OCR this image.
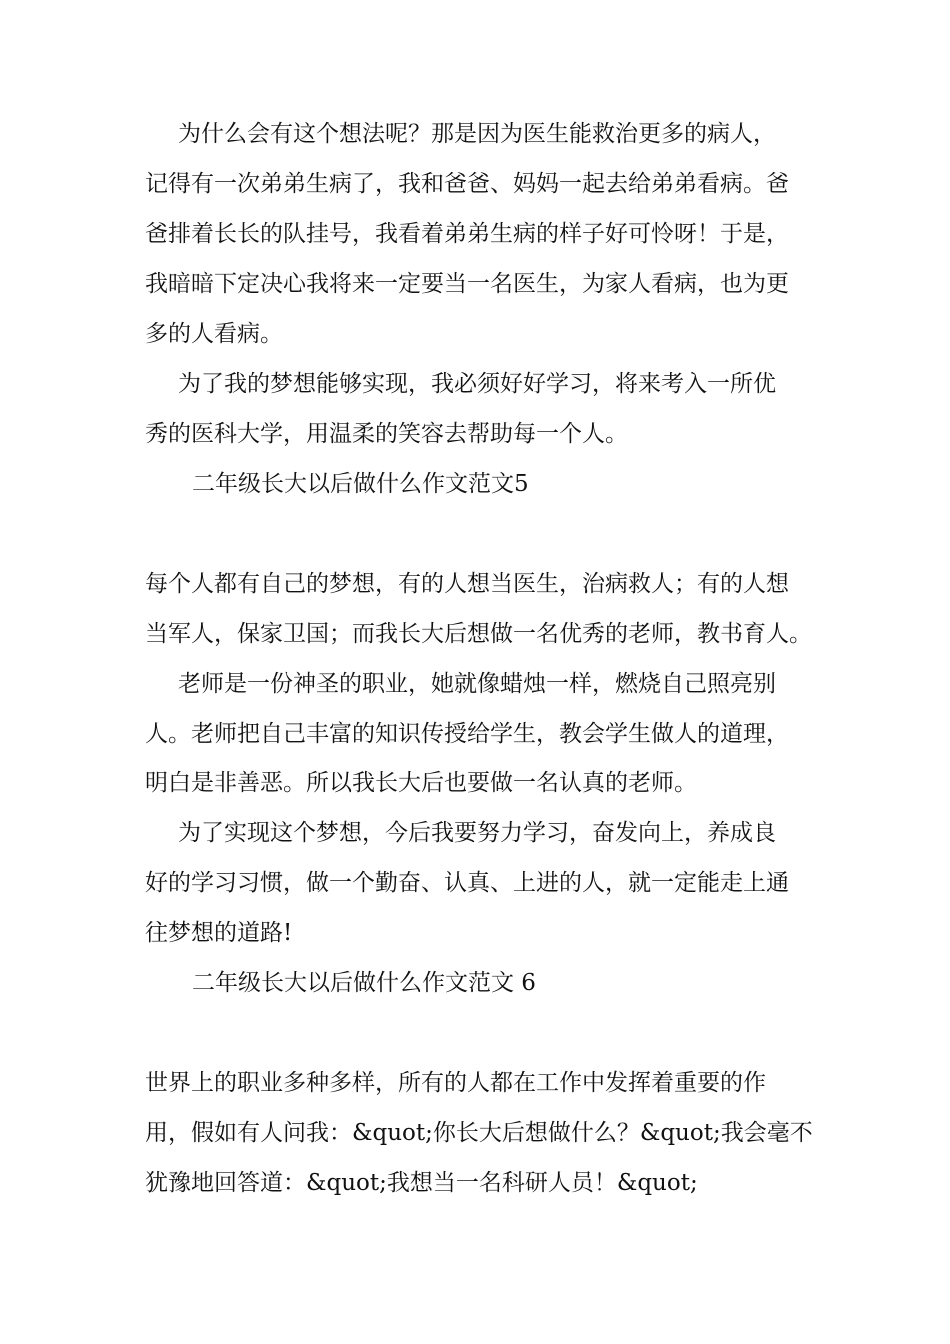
为什么会有这个想法呢？那是因为医生能救治更多的病人，
记得有一次弟弟生病了，我和爸爸、妈妈一起去给弟弟看病。爸
爸排着长长的队挂号，我看着弟弟生病的样子好可怜呀！于是，
我暗暗下定决心我将来一定要当一名医生，为家人看病，也为更
多的人看病。
为了我的梦想能够实现，我必须好好学习，将来考入一所优
秀的医科大学，用温柔的笑容去帮助每一个人。
二年级长大以后做什么作文范文5
每个人都有自己的梦想，有的人想当医生，治病救人；有的人想
当军人，保家卫国；而我长大后想做一名优秀的老师，教书育人。
老师是一份神圣的职业，她就像蜡烛一样，燃烧自己照亮别
人。老师把自己丰富的知识传授给学生，教会学生做人的道理，
明白是非善恶。所以我长大后也要做一名认真的老师。
为了实现这个梦想，今后我要努力学习，奋发向上，养成良
好的学习习惯，做一个勤奋、认真、上进的人，就一定能走上通
往梦想的道路!
二年级长大以后做什么作文范文 6
世界上的职业多种多样，所有的人都在工作中发挥着重要的作
用，假如有人问我：&quot;你长大后想做什么？&quot;我会毫不
犹豫地回答道：&quot;我想当一名科研人员！&quot;
